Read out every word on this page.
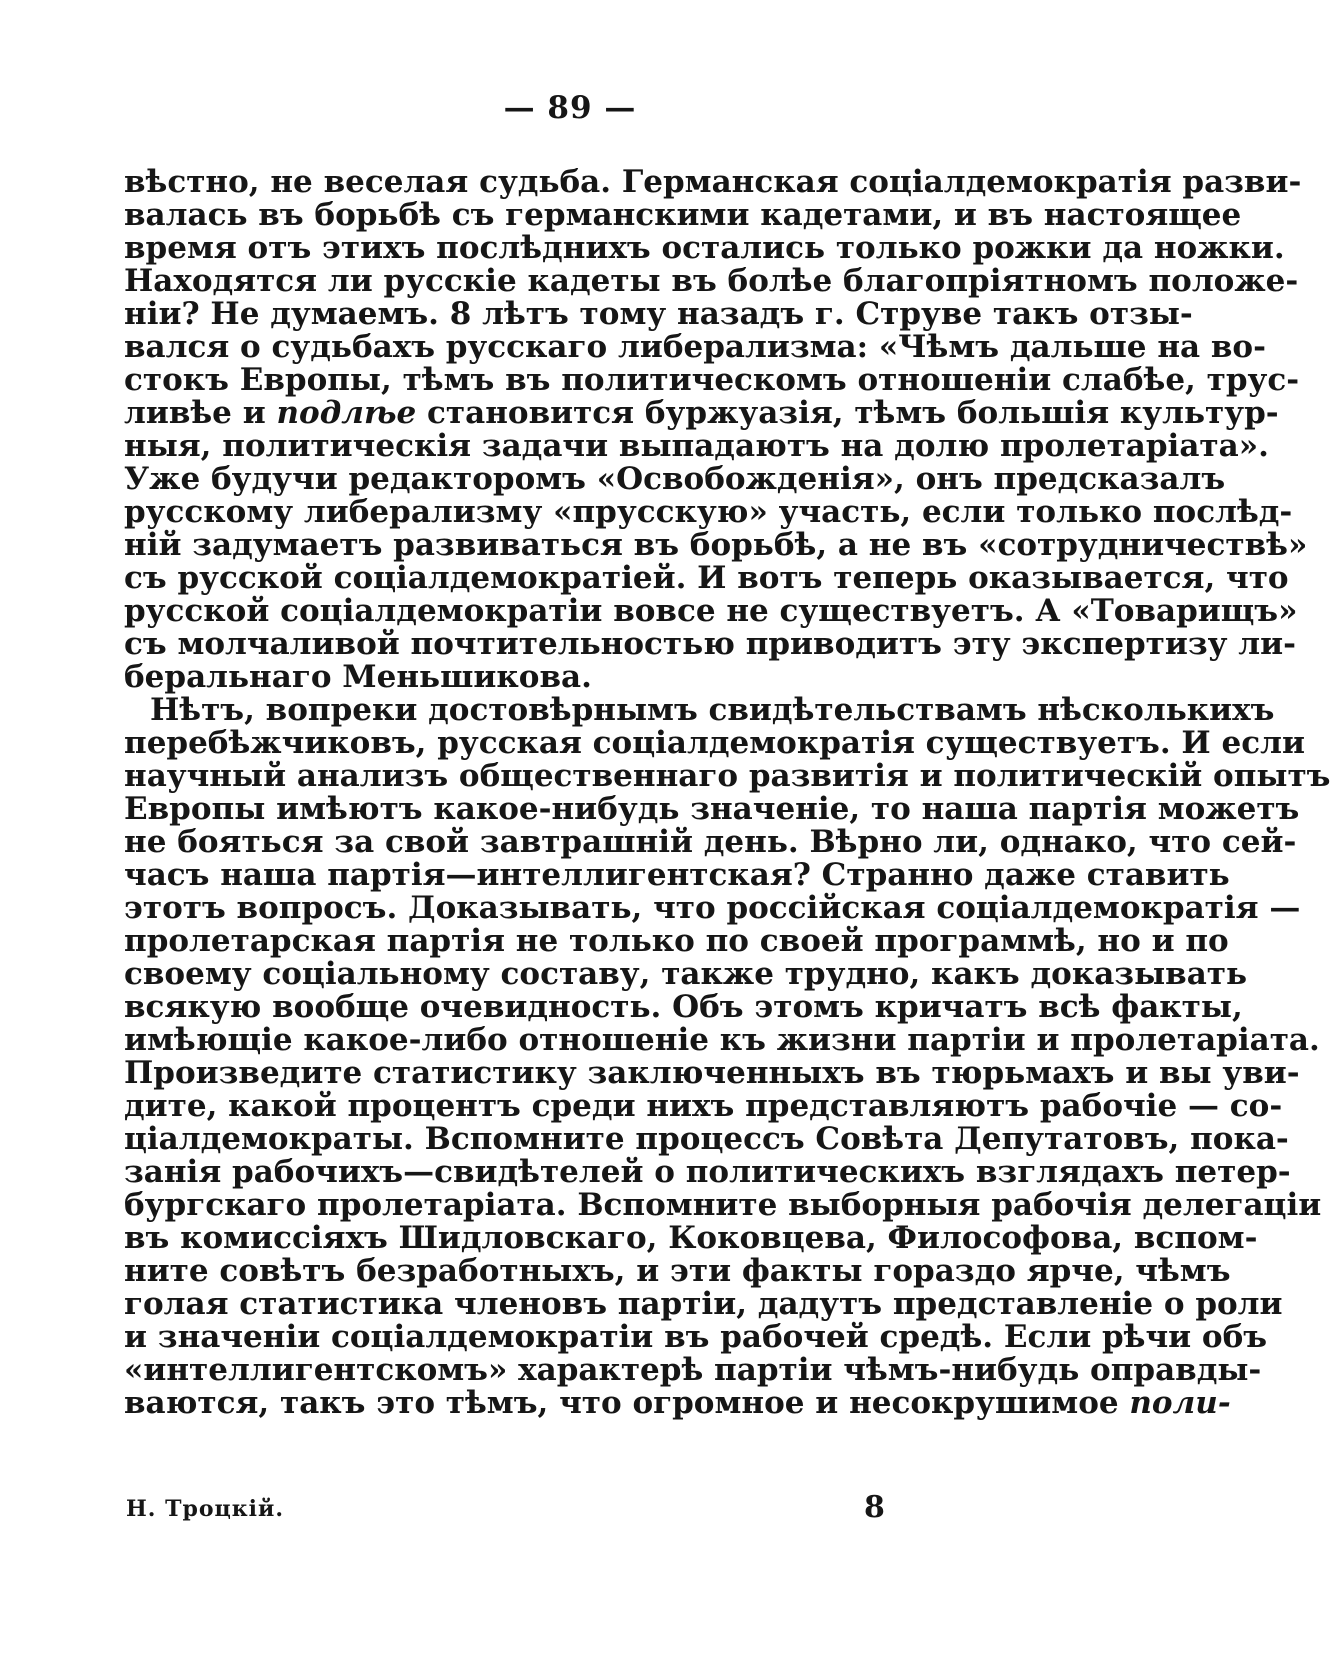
— 89 —
вѣстно, не веселая судьба. Германская соціалдемократія разви-
валась въ борьбѣ съ германскими кадетами, и въ настоящее
время отъ этихъ послѣднихъ остались только рожки да ножки.
Находятся ли русскіе кадеты въ болѣе благопріятномъ положе-
ніи? Не думаемъ. 8 лѣтъ тому назадъ г. Струве такъ отзы-
вался о судьбахъ русскаго либерализма: «Чѣмъ дальше на во-
стокъ Европы, тѣмъ въ политическомъ отношеніи слабѣе, трус-
ливѣе и подлѣе становится буржуазія, тѣмъ большія культур-
ныя, политическія задачи выпадаютъ на долю пролетаріата».
Уже будучи редакторомъ «Освобожденія», онъ предсказалъ
русскому либерализму «прусскую» участь, если только послѣд-
ній задумаетъ развиваться въ борьбѣ, а не въ «сотрудничествѣ»
съ русской соціалдемократіей. И вотъ теперь оказывается, что
русской соціалдемократіи вовсе не существуетъ. А «Товарищъ»
съ молчаливой почтительностью приводитъ эту экспертизу ли-
беральнаго Меньшикова.
Нѣтъ, вопреки достовѣрнымъ свидѣтельствамъ нѣсколькихъ
перебѣжчиковъ, русская соціалдемократія существуетъ. И если
научный анализъ общественнаго развитія и политическій опытъ
Европы имѣютъ какое-нибудь значеніе, то наша партія можетъ
не бояться за свой завтрашній день. Вѣрно ли, однако, что сей-
часъ наша партія—интеллигентская? Странно даже ставить
этотъ вопросъ. Доказывать, что россійская соціалдемократія —
пролетарская партія не только по своей программѣ, но и по
своему соціальному составу, также трудно, какъ доказывать
всякую вообще очевидность. Объ этомъ кричатъ всѣ факты,
имѣющіе какое-либо отношеніе къ жизни партіи и пролетаріата.
Произведите статистику заключенныхъ въ тюрьмахъ и вы уви-
дите, какой процентъ среди нихъ представляютъ рабочіе — со-
ціалдемократы. Вспомните процессъ Совѣта Депутатовъ, пока-
занія рабочихъ—свидѣтелей о политическихъ взглядахъ петер-
бургскаго пролетаріата. Вспомните выборныя рабочія делегаціи
въ комиссіяхъ Шидловскаго, Коковцева, Философова, вспом-
ните совѣтъ безработныхъ, и эти факты гораздо ярче, чѣмъ
голая статистика членовъ партіи, дадутъ представленіе о роли
и значеніи соціалдемократіи въ рабочей средѣ. Если рѣчи объ
«интеллигентскомъ» характерѣ партіи чѣмъ-нибудь оправды-
ваются, такъ это тѣмъ, что огромное и несокрушимое поли-
Н. Троцкій.	8
